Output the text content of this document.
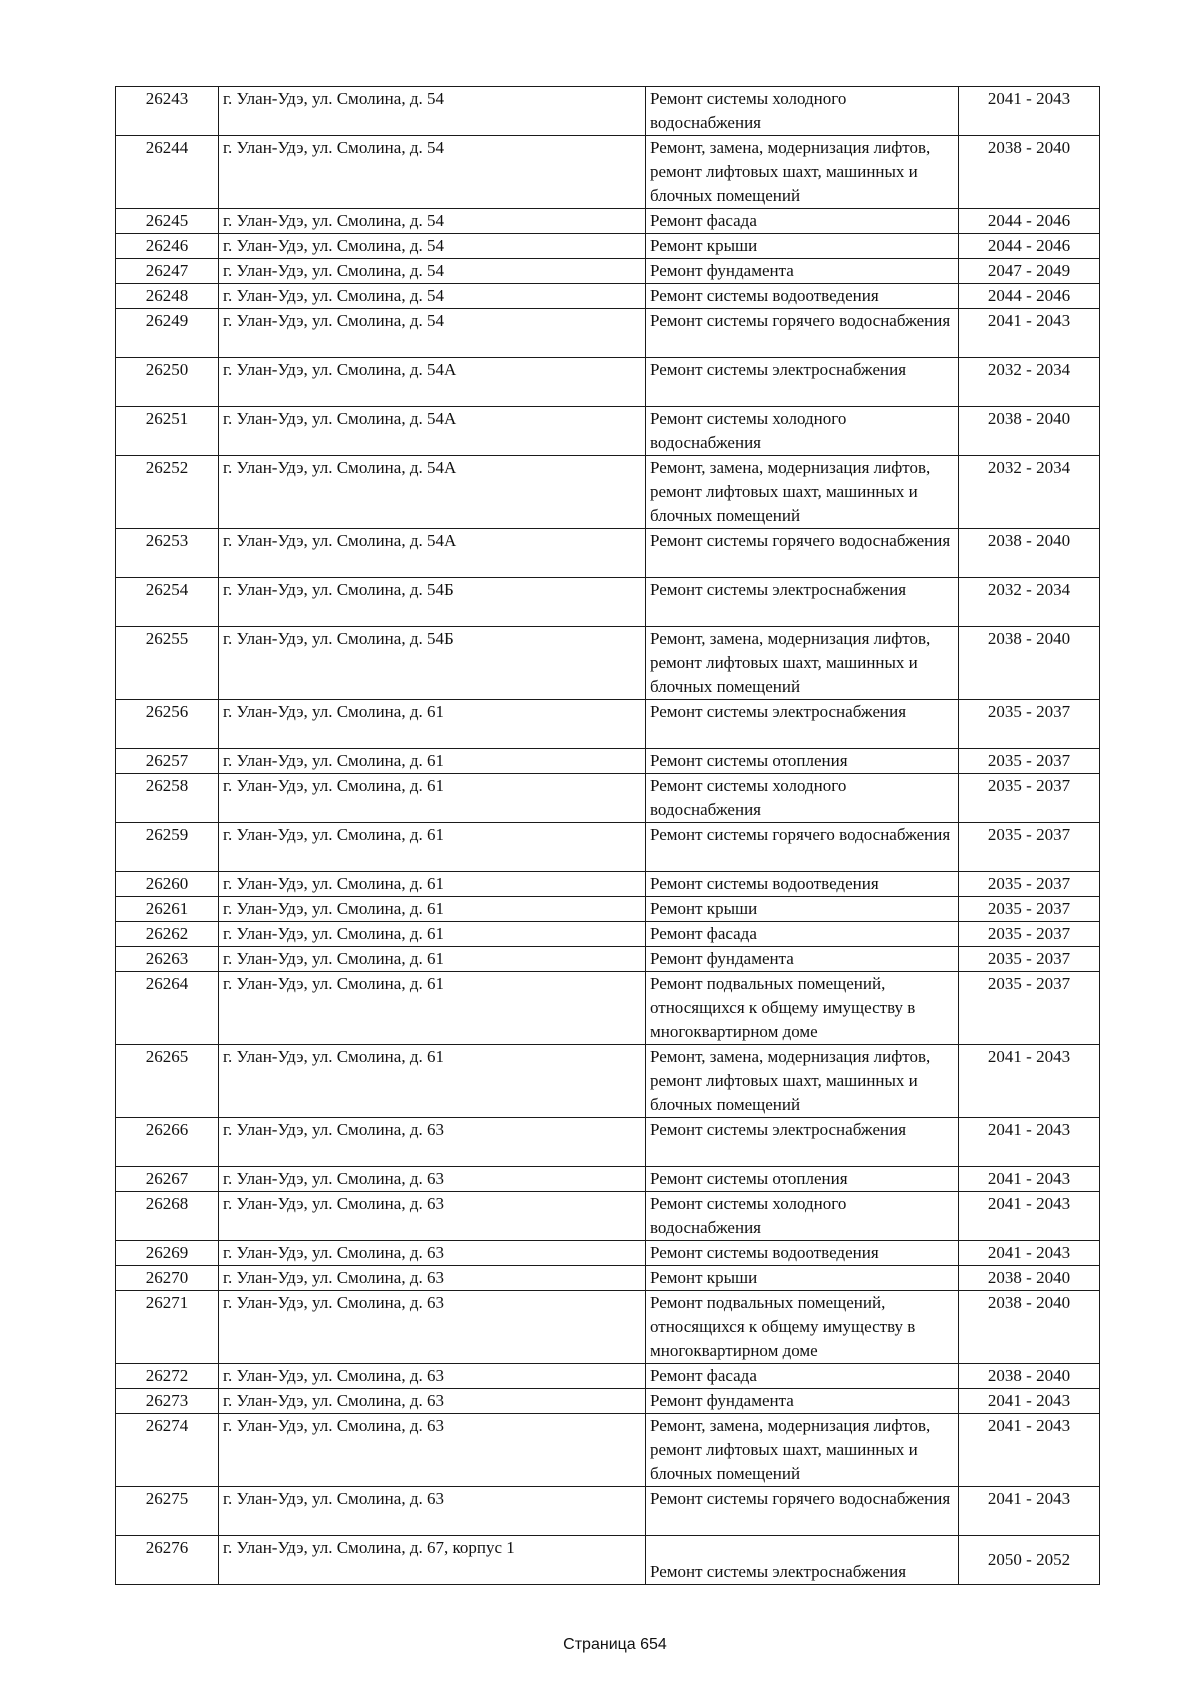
26243	г. Улан-Удэ, ул. Смолина, д. 54	Ремонт системы холодного водоснабжения	2041 - 2043
26244	г. Улан-Удэ, ул. Смолина, д. 54	Ремонт, замена, модернизация лифтов, ремонт лифтовых шахт, машинных и блочных помещений	2038 - 2040
26245	г. Улан-Удэ, ул. Смолина, д. 54	Ремонт фасада	2044 - 2046
26246	г. Улан-Удэ, ул. Смолина, д. 54	Ремонт крыши	2044 - 2046
26247	г. Улан-Удэ, ул. Смолина, д. 54	Ремонт фундамента	2047 - 2049
26248	г. Улан-Удэ, ул. Смолина, д. 54	Ремонт системы водоотведения	2044 - 2046
26249	г. Улан-Удэ, ул. Смолина, д. 54	Ремонт системы горячего водоснабжения	2041 - 2043
26250	г. Улан-Удэ, ул. Смолина, д. 54А	Ремонт системы электроснабжения	2032 - 2034
26251	г. Улан-Удэ, ул. Смолина, д. 54А	Ремонт системы холодного водоснабжения	2038 - 2040
26252	г. Улан-Удэ, ул. Смолина, д. 54А	Ремонт, замена, модернизация лифтов, ремонт лифтовых шахт, машинных и блочных помещений	2032 - 2034
26253	г. Улан-Удэ, ул. Смолина, д. 54А	Ремонт системы горячего водоснабжения	2038 - 2040
26254	г. Улан-Удэ, ул. Смолина, д. 54Б	Ремонт системы электроснабжения	2032 - 2034
26255	г. Улан-Удэ, ул. Смолина, д. 54Б	Ремонт, замена, модернизация лифтов, ремонт лифтовых шахт, машинных и блочных помещений	2038 - 2040
26256	г. Улан-Удэ, ул. Смолина, д. 61	Ремонт системы электроснабжения	2035 - 2037
26257	г. Улан-Удэ, ул. Смолина, д. 61	Ремонт системы отопления	2035 - 2037
26258	г. Улан-Удэ, ул. Смолина, д. 61	Ремонт системы холодного водоснабжения	2035 - 2037
26259	г. Улан-Удэ, ул. Смолина, д. 61	Ремонт системы горячего водоснабжения	2035 - 2037
26260	г. Улан-Удэ, ул. Смолина, д. 61	Ремонт системы водоотведения	2035 - 2037
26261	г. Улан-Удэ, ул. Смолина, д. 61	Ремонт крыши	2035 - 2037
26262	г. Улан-Удэ, ул. Смолина, д. 61	Ремонт фасада	2035 - 2037
26263	г. Улан-Удэ, ул. Смолина, д. 61	Ремонт фундамента	2035 - 2037
26264	г. Улан-Удэ, ул. Смолина, д. 61	Ремонт подвальных помещений, относящихся к общему имуществу в многоквартирном доме	2035 - 2037
26265	г. Улан-Удэ, ул. Смолина, д. 61	Ремонт, замена, модернизация лифтов, ремонт лифтовых шахт, машинных и блочных помещений	2041 - 2043
26266	г. Улан-Удэ, ул. Смолина, д. 63	Ремонт системы электроснабжения	2041 - 2043
26267	г. Улан-Удэ, ул. Смолина, д. 63	Ремонт системы отопления	2041 - 2043
26268	г. Улан-Удэ, ул. Смолина, д. 63	Ремонт системы холодного водоснабжения	2041 - 2043
26269	г. Улан-Удэ, ул. Смолина, д. 63	Ремонт системы водоотведения	2041 - 2043
26270	г. Улан-Удэ, ул. Смолина, д. 63	Ремонт крыши	2038 - 2040
26271	г. Улан-Удэ, ул. Смолина, д. 63	Ремонт подвальных помещений, относящихся к общему имуществу в многоквартирном доме	2038 - 2040
26272	г. Улан-Удэ, ул. Смолина, д. 63	Ремонт фасада	2038 - 2040
26273	г. Улан-Удэ, ул. Смолина, д. 63	Ремонт фундамента	2041 - 2043
26274	г. Улан-Удэ, ул. Смолина, д. 63	Ремонт, замена, модернизация лифтов, ремонт лифтовых шахт, машинных и блочных помещений	2041 - 2043
26275	г. Улан-Удэ, ул. Смолина, д. 63	Ремонт системы горячего водоснабжения	2041 - 2043
26276	г. Улан-Удэ, ул. Смолина, д. 67, корпус 1	Ремонт системы электроснабжения	2050 - 2052
Страница 654
